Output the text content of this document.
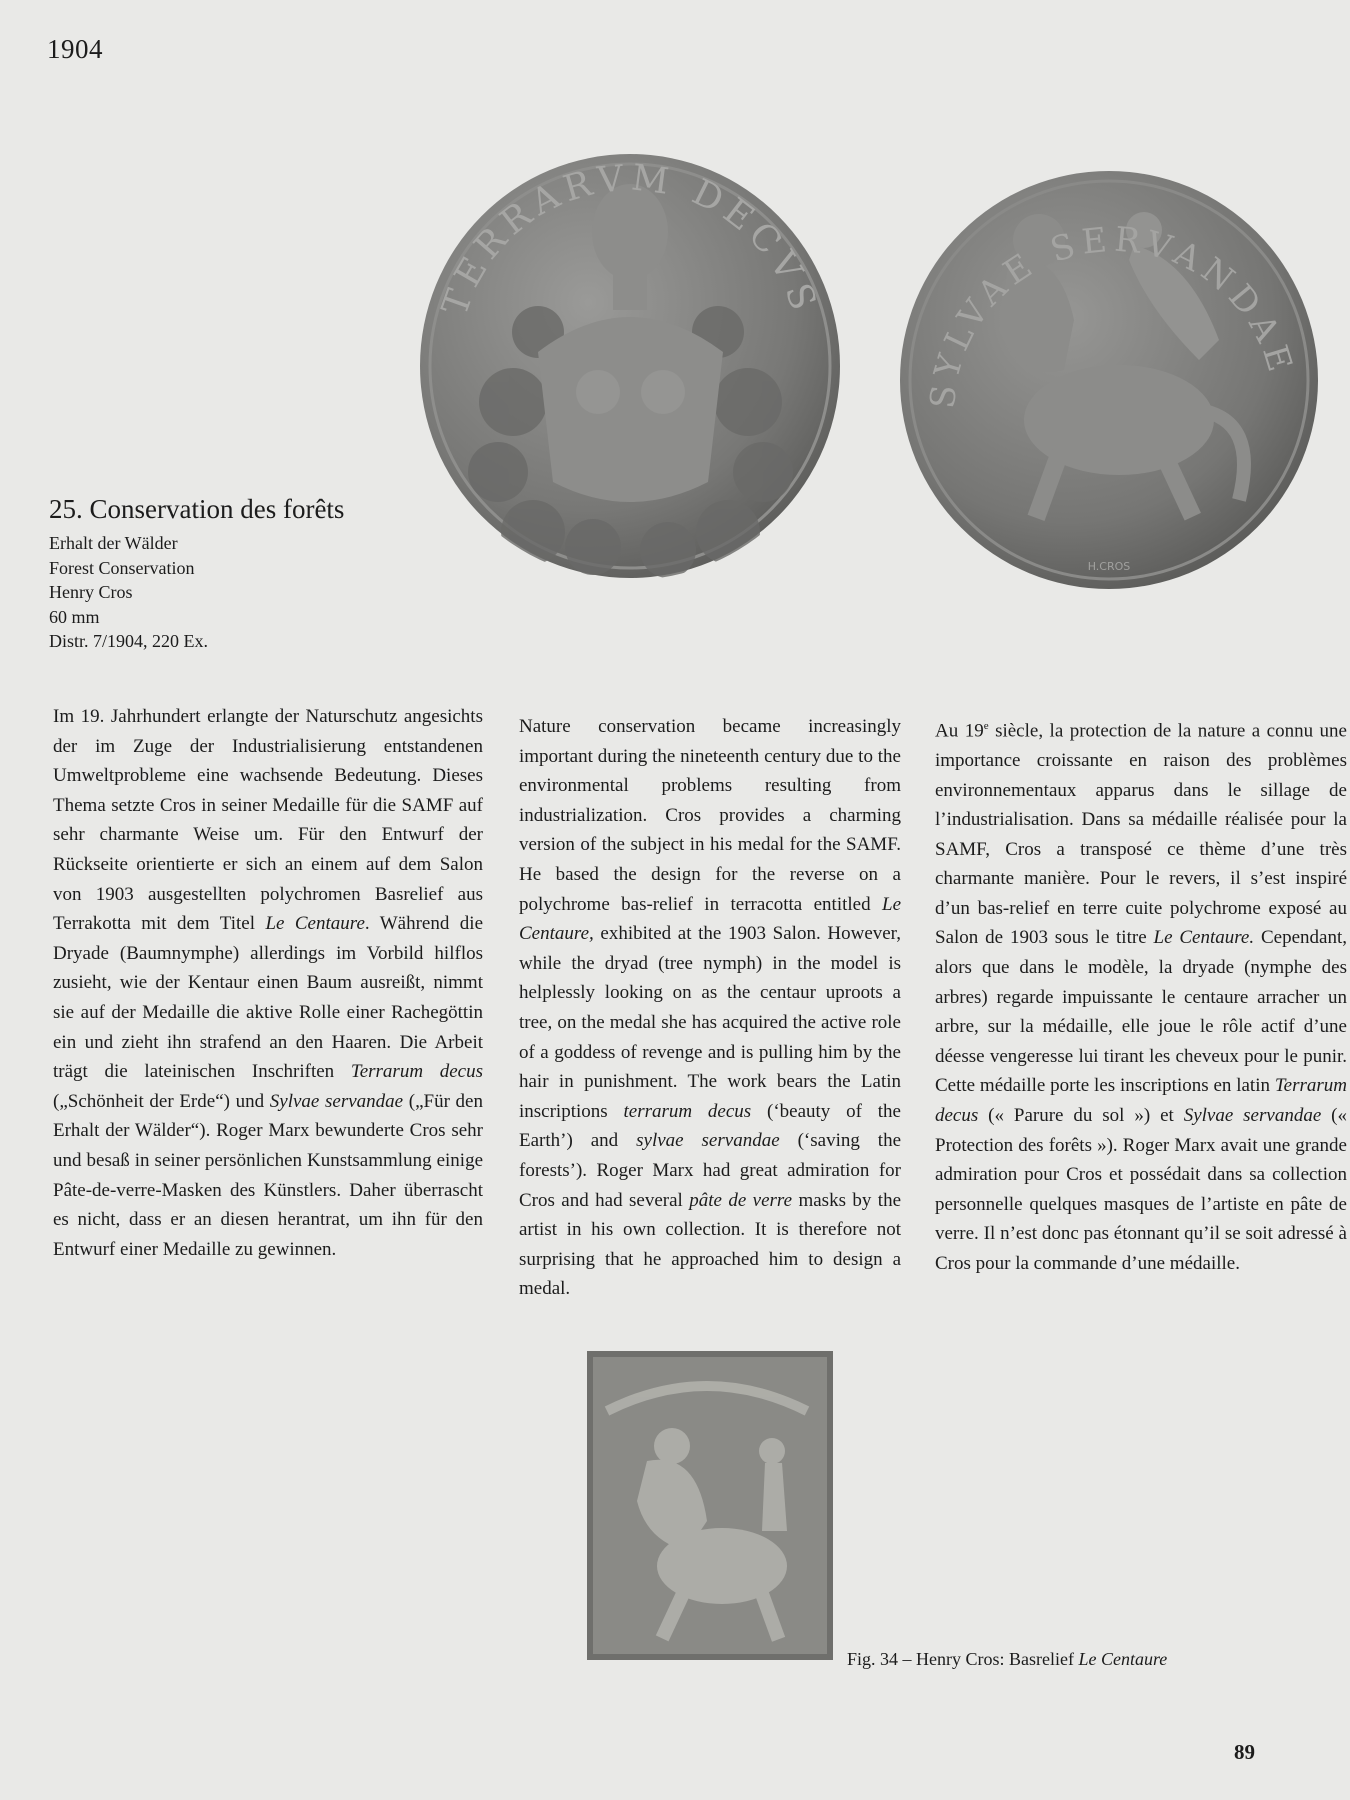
1904
TERRARVM DECVS
SYLVAE SERVANDAE
H.CROS
25. Conservation des forêts
Erhalt der Wälder
Forest Conservation
Henry Cros
60 mm
Distr. 7/1904, 220 Ex.

Im 19. Jahrhundert erlangte der Naturschutz angesichts der im Zuge der Industrialisierung entstandenen Umweltprobleme eine wachsende Bedeutung. Dieses Thema setzte Cros in seiner Medaille für die SAMF auf sehr charmante Weise um. Für den Entwurf der Rückseite orientierte er sich an einem auf dem Salon von 1903 ausgestellten polychromen Basrelief aus Terrakotta mit dem Titel Le Centaure. Während die Dryade (Baumnymphe) allerdings im Vorbild hilflos zusieht, wie der Kentaur einen Baum ausreißt, nimmt sie auf der Medaille die aktive Rolle einer Rachegöttin ein und zieht ihn strafend an den Haaren. Die Arbeit trägt die lateinischen Inschriften Terrarum decus („Schönheit der Erde“) und Sylvae servandae („Für den Erhalt der Wälder“). Roger Marx bewunderte Cros sehr und besaß in seiner persönlichen Kunstsammlung einige Pâte-de-verre-Masken des Künstlers. Daher überrascht es nicht, dass er an diesen herantrat, um ihn für den Entwurf einer Medaille zu gewinnen.

Nature conservation became increasingly important during the nineteenth century due to the environmental problems resulting from industrialization. Cros provides a charming version of the subject in his medal for the SAMF. He based the design for the reverse on a polychrome bas-relief in terracotta entitled Le Centaure, exhibited at the 1903 Salon. However, while the dryad (tree nymph) in the model is helplessly looking on as the centaur uproots a tree, on the medal she has acquired the active role of a goddess of revenge and is pulling him by the hair in punishment. The work bears the Latin inscriptions terrarum decus (‘beauty of the Earth’) and sylvae servandae (‘saving the forests’). Roger Marx had great admiration for Cros and had several pâte de verre masks by the artist in his own collection. It is therefore not surprising that he approached him to design a medal.

Au 19e siècle, la protection de la nature a connu une importance croissante en raison des problèmes environnementaux apparus dans le sillage de l’industrialisation. Dans sa médaille réalisée pour la SAMF, Cros a transposé ce thème d’une très charmante manière. Pour le revers, il s’est inspiré d’un bas-relief en terre cuite polychrome exposé au Salon de 1903 sous le titre Le Centaure. Cependant, alors que dans le modèle, la dryade (nymphe des arbres) regarde impuissante le centaure arracher un arbre, sur la médaille, elle joue le rôle actif d’une déesse vengeresse lui tirant les cheveux pour le punir. Cette médaille porte les inscriptions en latin Terrarum decus (« Parure du sol ») et Sylvae servandae (« Protection des forêts »). Roger Marx avait une grande admiration pour Cros et possédait dans sa collection personnelle quelques masques de l’artiste en pâte de verre. Il n’est donc pas étonnant qu’il se soit adressé à Cros pour la commande d’une médaille.

Fig. 34 – Henry Cros: Basrelief Le Centaure
89
